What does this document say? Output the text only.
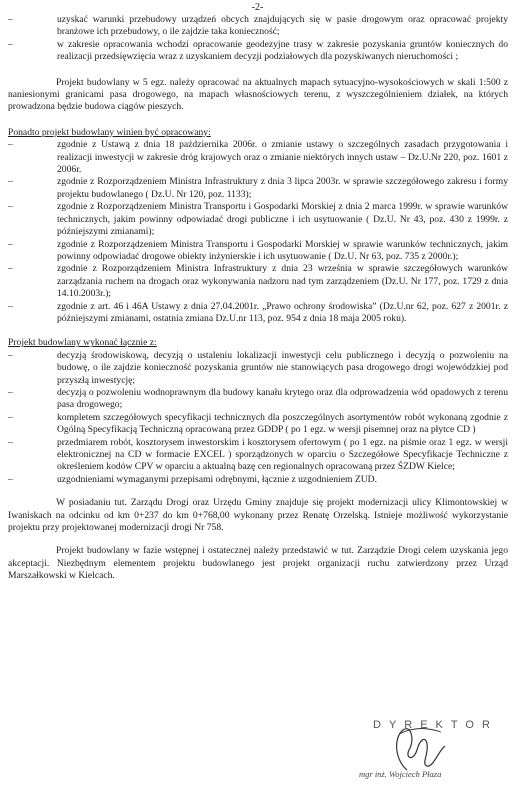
-2-
–	uzyskać warunki przebudowy urządzeń obcych znajdujących się w pasie drogowym oraz opracować projekty branżowe ich przebudowy, o ile zajdzie taka konieczność;
–	w zakresie opracowania wchodzi opracowanie geodezyjne trasy w zakresie pozyskania gruntów koniecznych do realizacji przedsięwzięcia wraz z uzyskaniem decyzji podziałowych dla pozyskiwanych nieruchomości ;

Projekt budowlany w 5 egz. należy opracować na aktualnych mapach sytuacyjno-wysokościowych w skali 1:500 z naniesionymi granicami pasa drogowego, na mapach własnościowych terenu, z wyszczególnieniem działek, na których prowadzona będzie budowa ciągów pieszych.

Ponadto projekt budowlany winien być opracowany:
–	zgodnie z Ustawą z dnia 18 października 2006r. o zmianie ustawy o szczególnych zasadach przygotowania i realizacji inwestycji w zakresie dróg krajowych oraz o zmianie niektórych innych ustaw – Dz.U.Nr 220, poz. 1601 z 2006r.
–	zgodnie z Rozporządzeniem Ministra Infrastruktury z dnia 3 lipca 2003r. w sprawie szczegółowego zakresu i formy projektu budowlanego ( Dz.U. Nr 120, poz. 1133);
–	zgodnie z Rozporządzeniem Ministra Transportu i Gospodarki Morskiej z dnia 2 marca 1999r. w sprawie warunków technicznych, jakim powinny odpowiadać drogi publiczne i ich usytuowanie ( Dz.U. Nr 43, poz. 430 z 1999r. z późniejszymi zmianami);
–	zgodnie z Rozporządzeniem Ministra Transportu i Gospodarki Morskiej w sprawie warunków technicznych, jakim powinny odpowiadać drogowe obiekty inżynierskie i ich usytuowanie ( Dz.U. Nr 63, poz. 735 z 2000r.);
–	zgodnie z Rozporządzeniem Ministra Infrastruktury z dnia 23 września w sprawie szczegółowych warunków zarządzania ruchem na drogach oraz wykonywania nadzoru nad tym zarządzeniem (Dz.U. Nr 177, poz. 1729 z dnia 14.10.2003r.);
–	zgodnie z art. 46 i 46A Ustawy z dnia 27.04.2001r. „Prawo ochrony środowiska” (Dz.U.nr 62, poz. 627 z 2001r. z późniejszymi zmianami, ostatnia zmiana Dz.U.nr 113, poz. 954 z dnia 18 maja 2005 roku).
Projekt budowlany wykonać łącznie z:
–	decyzją środowiskową, decyzją o ustaleniu lokalizacji inwestycji celu publicznego i decyzją o pozwoleniu na budowę, o ile zajdzie konieczność pozyskania gruntów nie stanowiących pasa drogowego drogi wojewódzkiej pod przyszłą inwestycję;
–	decyzją o pozwoleniu wodnoprawnym dla budowy kanału krytego oraz dla odprowadzenia wód opadowych z terenu pasa drogowego;
–	kompletem szczegółowych specyfikacji technicznych dla poszczególnych asortymentów robót wykonaną zgodnie z Ogólną Specyfikacją Techniczną opracowaną przez GDDP ( po 1 egz. w wersji pisemnej oraz na płytce CD )
–	przedmiarem robót, kosztorysem inwestorskim i kosztorysem ofertowym ( po 1 egz. na piśmie oraz 1 egz. w wersji elektronicznej na CD w formacie EXCEL ) sporządzonych w oparciu o Szczegółowe Specyfikacje Techniczne z określeniem kodów CPV w oparciu a aktualną bazę cen regionalnych opracowaną przez ŚZDW Kielce;
–	uzgodnieniami wymaganymi przepisami odrębnymi, łącznie z uzgodnieniem ZUD.

W posiadaniu tut. Zarządu Drogi oraz Urzędu Gminy znajduje się projekt modernizacji ulicy Klimontowskiej w Iwaniskach na odcinku od km 0+237 do km 0+768,00 wykonany przez Renatę Orzelską. Istnieje możliwość wykorzystanie projektu przy projektowanej modernizacji drogi Nr 758.

Projekt budowlany w fazie wstępnej i ostatecznej należy przedstawić w tut. Zarządzie Drogi celem uzyskania jego akceptacji. Niezbędnym elementem projektu budowlanego jest projekt organizacji ruchu zatwierdzony przez Urząd Marszałkowski w Kielcach.

DYREKTOR
mgr inż. Wojciech Płaza
